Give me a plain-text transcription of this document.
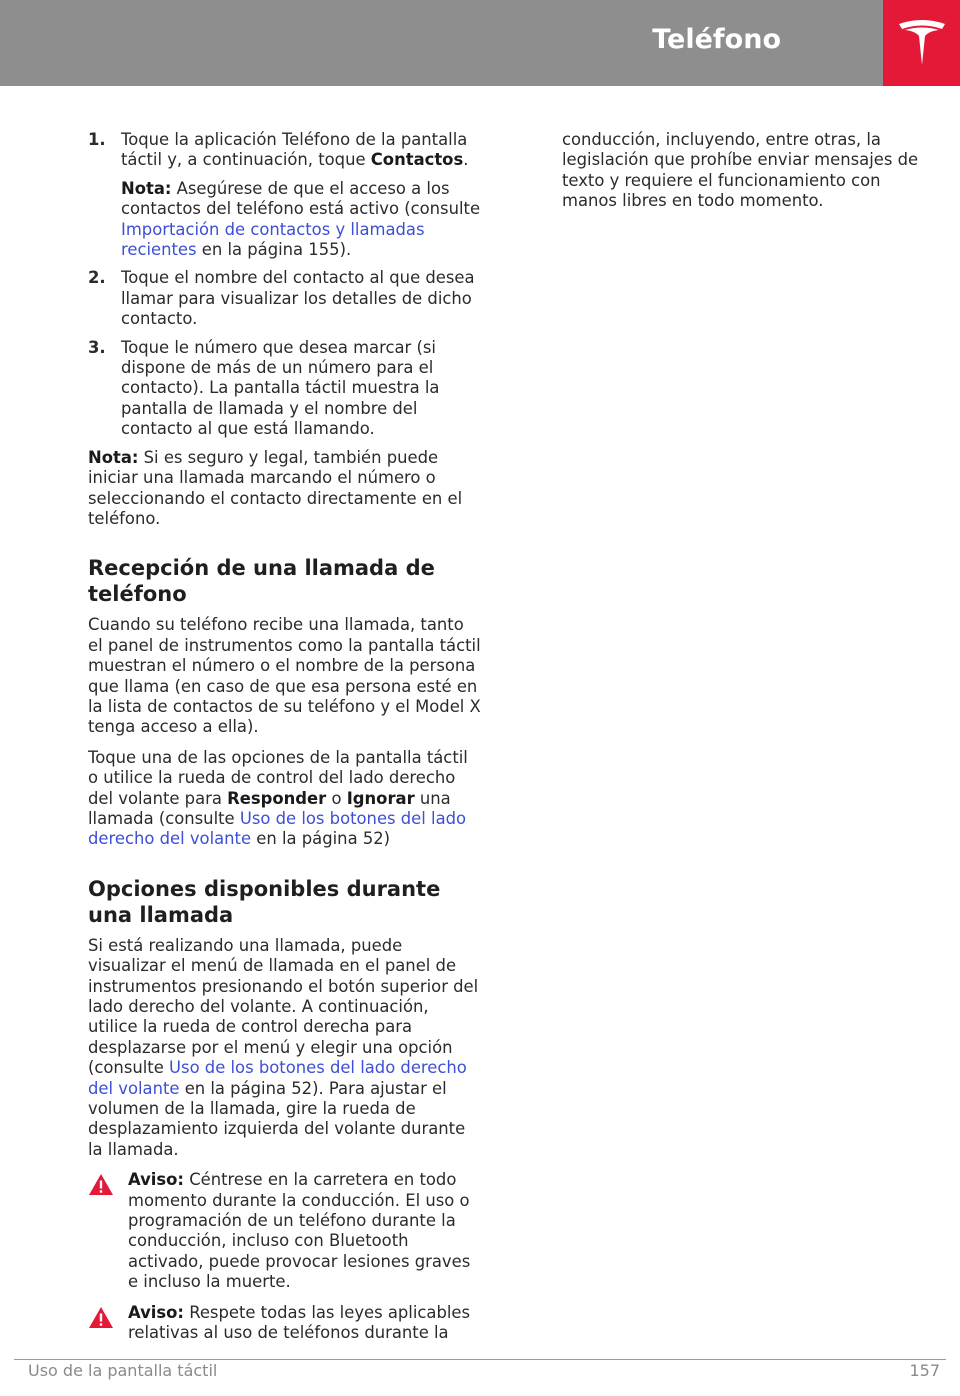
Teléfono
1. Toque la aplicación Teléfono de la pantalla táctil y, a continuación, toque Contactos.
Nota: Asegúrese de que el acceso a los contactos del teléfono está activo (consulte Importación de contactos y llamadas recientes en la página 155).
2. Toque el nombre del contacto al que desea llamar para visualizar los detalles de dicho contacto.
3. Toque le número que desea marcar (si dispone de más de un número para el contacto). La pantalla táctil muestra la pantalla de llamada y el nombre del contacto al que está llamando.

Nota: Si es seguro y legal, también puede iniciar una llamada marcando el número o seleccionando el contacto directamente en el teléfono.

Recepción de una llamada de teléfono

Cuando su teléfono recibe una llamada, tanto el panel de instrumentos como la pantalla táctil muestran el número o el nombre de la persona que llama (en caso de que esa persona esté en la lista de contactos de su teléfono y el Model X tenga acceso a ella).

Toque una de las opciones de la pantalla táctil o utilice la rueda de control del lado derecho del volante para Responder o Ignorar una llamada (consulte Uso de los botones del lado derecho del volante en la página 52)

Opciones disponibles durante una llamada

Si está realizando una llamada, puede visualizar el menú de llamada en el panel de instrumentos presionando el botón superior del lado derecho del volante. A continuación, utilice la rueda de control derecha para desplazarse por el menú y elegir una opción (consulte Uso de los botones del lado derecho del volante en la página 52). Para ajustar el volumen de la llamada, gire la rueda de desplazamiento izquierda del volante durante la llamada.

Aviso: Céntrese en la carretera en todo momento durante la conducción. El uso o programación de un teléfono durante la conducción, incluso con Bluetooth activado, puede provocar lesiones graves e incluso la muerte.
Aviso: Respete todas las leyes aplicables relativas al uso de teléfonos durante la

conducción, incluyendo, entre otras, la legislación que prohíbe enviar mensajes de texto y requiere el funcionamiento con manos libres en todo momento.

Uso de la pantalla táctil	157
